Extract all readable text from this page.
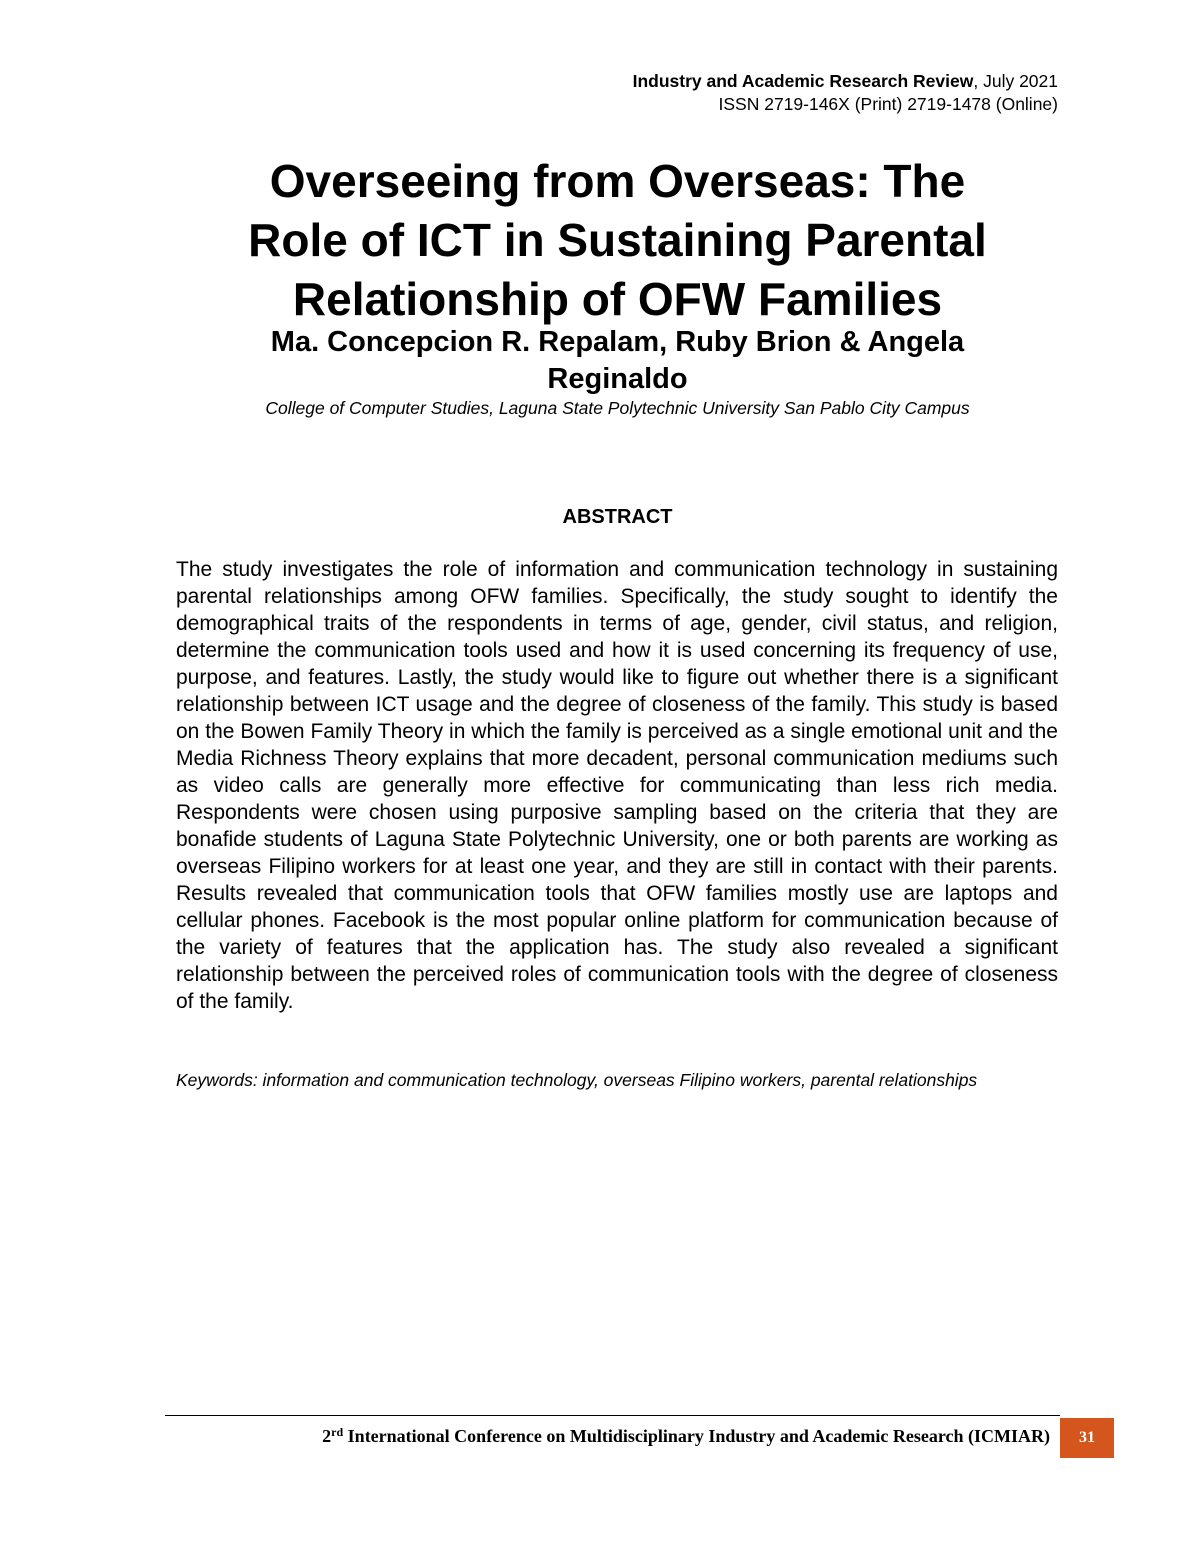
Industry and Academic Research Review, July 2021
ISSN 2719-146X (Print) 2719-1478 (Online)
Overseeing from Overseas: The
Role of ICT in Sustaining Parental
Relationship of OFW Families
Ma. Concepcion R. Repalam, Ruby Brion & Angela
Reginaldo
College of Computer Studies, Laguna State Polytechnic University San Pablo City Campus
ABSTRACT

The study investigates the role of information and communication technology in sustaining parental relationships among OFW families. Specifically, the study sought to identify the demographical traits of the respondents in terms of age, gender, civil status, and religion, determine the communication tools used and how it is used concerning its frequency of use, purpose, and features. Lastly, the study would like to figure out whether there is a significant relationship between ICT usage and the degree of closeness of the family. This study is based on the Bowen Family Theory in which the family is perceived as a single emotional unit and the Media Richness Theory explains that more decadent, personal communication mediums such as video calls are generally more effective for communicating than less rich media. Respondents were chosen using purposive sampling based on the criteria that they are bonafide students of Laguna State Polytechnic University, one or both parents are working as overseas Filipino workers for at least one year, and they are still in contact with their parents. Results revealed that communication tools that OFW families mostly use are laptops and cellular phones. Facebook is the most popular online platform for communication because of the variety of features that the application has. The study also revealed a significant relationship between the perceived roles of communication tools with the degree of closeness of the family.

Keywords: information and communication technology, overseas Filipino workers, parental relationships

2rd International Conference on Multidisciplinary Industry and Academic Research (ICMIAR)	31
